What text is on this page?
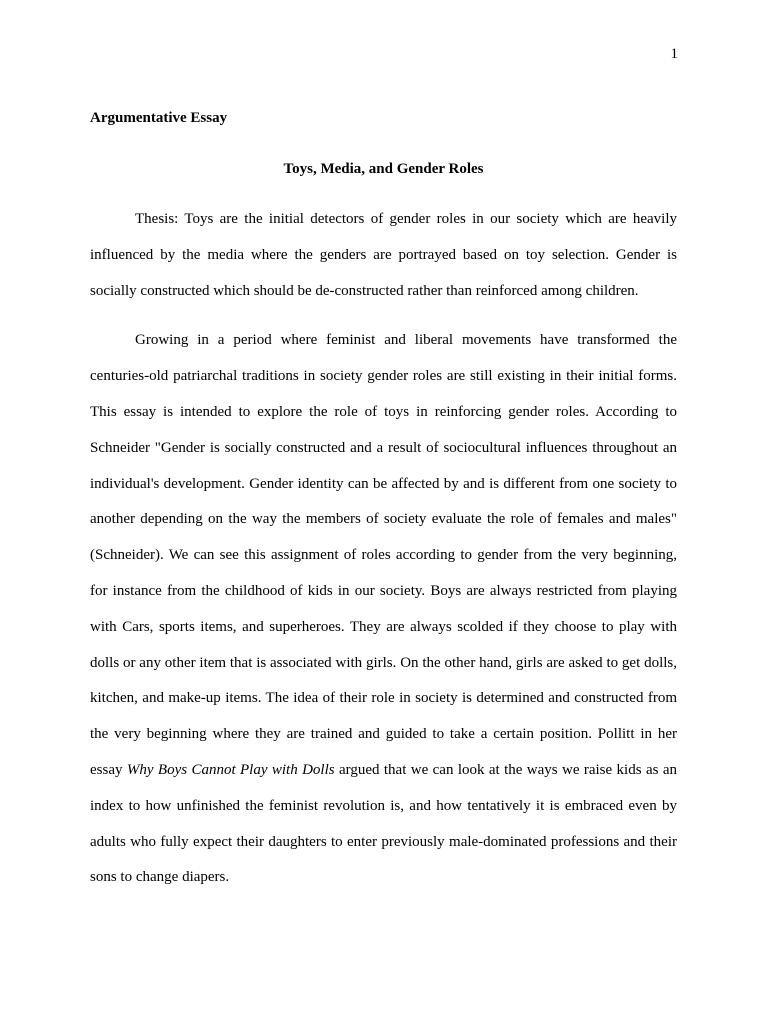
1

Argumentative Essay

Toys, Media, and Gender Roles

Thesis: Toys are the initial detectors of gender roles in our society which are heavily influenced by the media where the genders are portrayed based on toy selection. Gender is socially constructed which should be de-constructed rather than reinforced among children.

Growing in a period where feminist and liberal movements have transformed the centuries-old patriarchal traditions in society gender roles are still existing in their initial forms. This essay is intended to explore the role of toys in reinforcing gender roles. According to Schneider "Gender is socially constructed and a result of sociocultural influences throughout an individual's development. Gender identity can be affected by and is different from one society to another depending on the way the members of society evaluate the role of females and males" (Schneider). We can see this assignment of roles according to gender from the very beginning, for instance from the childhood of kids in our society. Boys are always restricted from playing with Cars, sports items, and superheroes. They are always scolded if they choose to play with dolls or any other item that is associated with girls. On the other hand, girls are asked to get dolls, kitchen, and make-up items. The idea of their role in society is determined and constructed from the very beginning where they are trained and guided to take a certain position. Pollitt in her essay Why Boys Cannot Play with Dolls argued that we can look at the ways we raise kids as an index to how unfinished the feminist revolution is, and how tentatively it is embraced even by adults who fully expect their daughters to enter previously male-dominated professions and their sons to change diapers.
